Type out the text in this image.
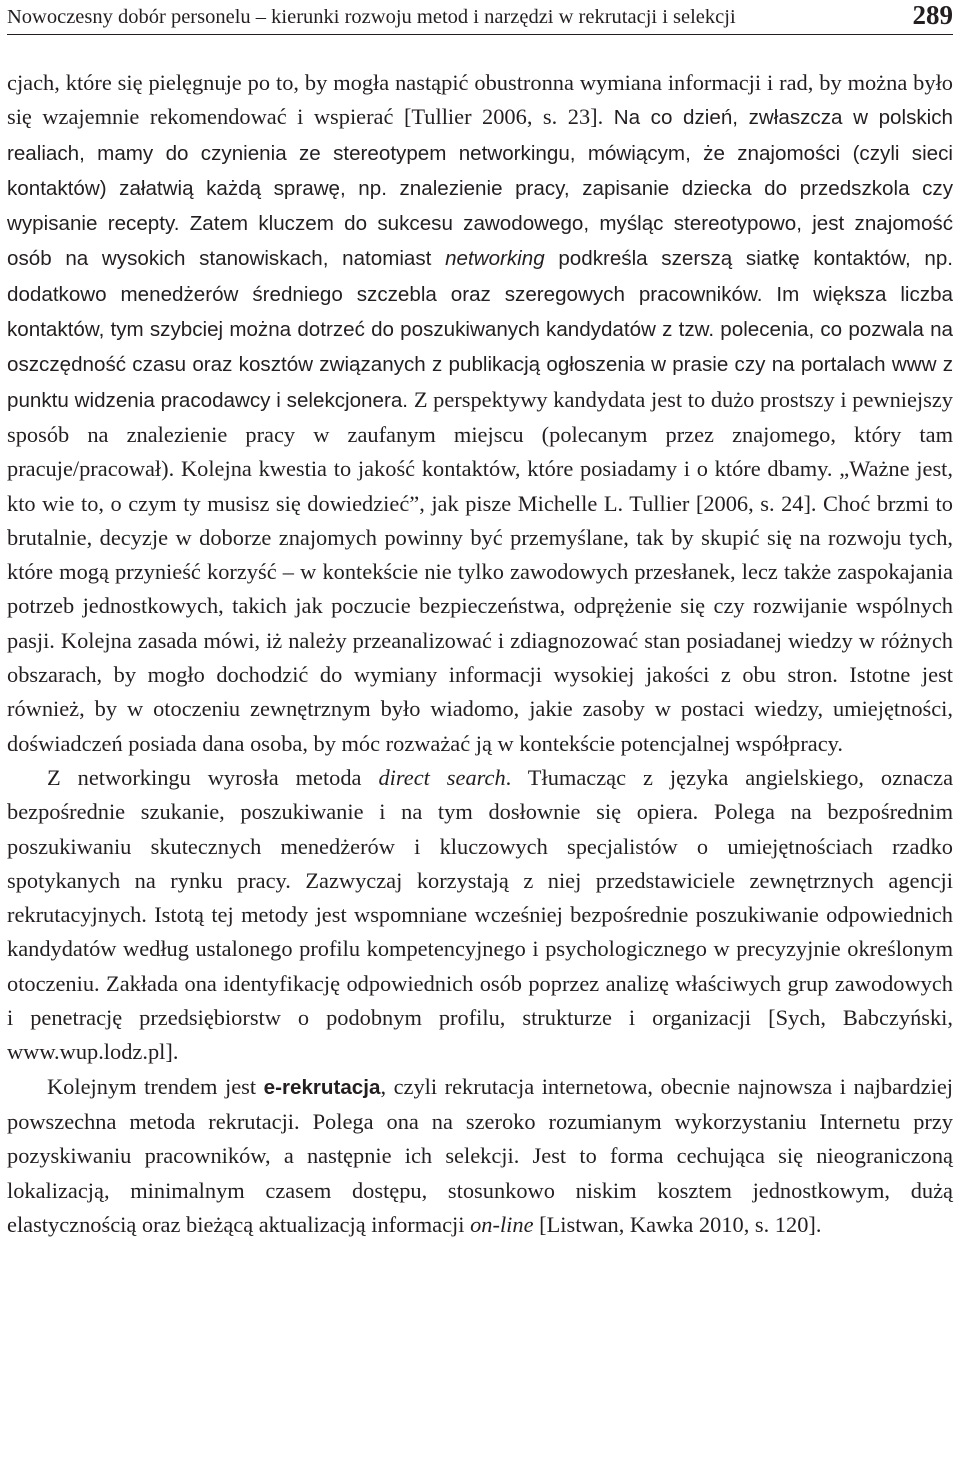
Nowoczesny dobór personelu – kierunki rozwoju metod i narzędzi w rekrutacji i selekcji	289

cjach, które się pielęgnuje po to, by mogła nastąpić obustronna wymiana informacji i rad, by można było się wzajemnie rekomendować i wspierać [Tullier 2006, s. 23]. Na co dzień, zwłaszcza w polskich realiach, mamy do czynienia ze stereotypem networkingu, mówiącym, że znajomości (czyli sieci kontaktów) załatwią każdą sprawę, np. znalezienie pracy, zapisanie dziecka do przedszkola czy wypisanie recepty. Zatem kluczem do sukcesu zawodowego, myśląc stereotypowo, jest znajomość osób na wysokich stanowiskach, natomiast networking podkreśla szerszą siatkę kontaktów, np. dodatkowo menedżerów średniego szczebla oraz szeregowych pracowników. Im większa liczba kontaktów, tym szybciej można dotrzeć do poszukiwanych kandydatów z tzw. polecenia, co pozwala na oszczędność czasu oraz kosztów związanych z publikacją ogłoszenia w prasie czy na portalach www z punktu widzenia pracodawcy i selekcjonera. Z perspektywy kandydata jest to dużo prostszy i pewniejszy sposób na znalezienie pracy w zaufanym miejscu (polecanym przez znajomego, który tam pracuje/pracował). Kolejna kwestia to jakość kontaktów, które posiadamy i o które dbamy. „Ważne jest, kto wie to, o czym ty musisz się dowiedzieć”, jak pisze Michelle L. Tullier [2006, s. 24]. Choć brzmi to brutalnie, decyzje w doborze znajomych powinny być przemyślane, tak by skupić się na rozwoju tych, które mogą przynieść korzyść – w kontekście nie tylko zawodowych przesłanek, lecz także zaspokajania potrzeb jednostkowych, takich jak poczucie bezpieczeństwa, odprężenie się czy rozwijanie wspólnych pasji. Kolejna zasada mówi, iż należy przeanalizować i zdiagnozować stan posiadanej wiedzy w różnych obszarach, by mogło dochodzić do wymiany informacji wysokiej jakości z obu stron. Istotne jest również, by w otoczeniu zewnętrznym było wiadomo, jakie zasoby w postaci wiedzy, umiejętności, doświadczeń posiada dana osoba, by móc rozważać ją w kontekście potencjalnej współpracy.

Z networkingu wyrosła metoda direct search. Tłumacząc z języka angielskiego, oznacza bezpośrednie szukanie, poszukiwanie i na tym dosłownie się opiera. Polega na bezpośrednim poszukiwaniu skutecznych menedżerów i kluczowych specjalistów o umiejętnościach rzadko spotykanych na rynku pracy. Zazwyczaj korzystają z niej przedstawiciele zewnętrznych agencji rekrutacyjnych. Istotą tej metody jest wspomniane wcześniej bezpośrednie poszukiwanie odpowiednich kandydatów według ustalonego profilu kompetencyjnego i psychologicznego w precyzyjnie określonym otoczeniu. Zakłada ona identyfikację odpowiednich osób poprzez analizę właściwych grup zawodowych i penetrację przedsiębiorstw o podobnym profilu, strukturze i organizacji [Sych, Babczyński, www.wup.lodz.pl].

Kolejnym trendem jest e-rekrutacja, czyli rekrutacja internetowa, obecnie najnowsza i najbardziej powszechna metoda rekrutacji. Polega ona na szeroko rozumianym wykorzystaniu Internetu przy pozyskiwaniu pracowników, a następnie ich selekcji. Jest to forma cechująca się nieograniczoną lokalizacją, minimalnym czasem dostępu, stosunkowo niskim kosztem jednostkowym, dużą elastycznością oraz bieżącą aktualizacją informacji on-line [Listwan, Kawka 2010, s. 120].
